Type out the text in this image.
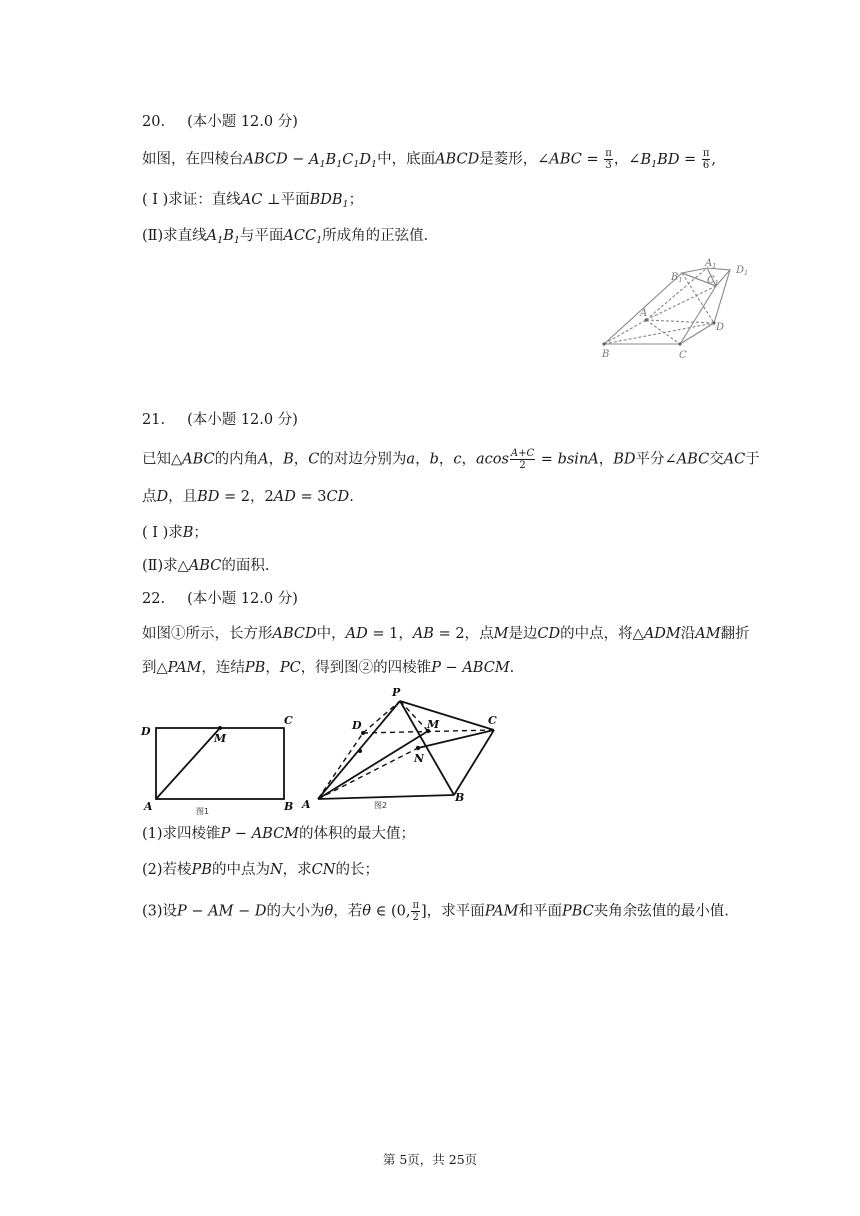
20. (本小题 12.0 分)
如图，在四棱台ABCD − $A_1B_1C_1D_1$中，底面ABCD是菱形，∠ABC = $\frac{\pi}{3}$ ，$\angle B_1BD = \frac{\pi}{6}$ ,
( I )求证：直线AC ⊥平面$BDB_1$；
(Ⅱ)求直线$A_1B_1$与平面$ACC_1$所成角的正弦值.
$B_1$
$A_1$ $D_1$
$C_1$
A
D
B	C
21. (本小题 12.0 分)
已知△ABC的内角A，B，C的对边分别为a，b，c，acos $\frac{A+C}{2} = bsinA$，BD平分∠ABC交AC于
点D，且BD = 2，2AD = 3CD.
( I )求B；
(Ⅱ)求△ABC的面积.
22. (本小题 12.0 分)
如图①所示，长方形ABCD中，AD = 1，AB = 2，点M是边CD的中点，将△ADM沿AM翻折
到△PAM，连结PB，PC，得到图②的四棱锥P − ABCM.
D
C
M
A	B
图1
P
D	M	C
N
A
B
图2
(1)求四棱锥P − ABCM的体积的最大值；
(2)若棱PB的中点为N，求CN的长；
(3)设P − AM − D的大小为θ，若θ ∈ (0, $\frac{\pi}{2}$ ]，求平面PAM和平面PBC夹角余弦值的最小值.
第 5页，共 25页
